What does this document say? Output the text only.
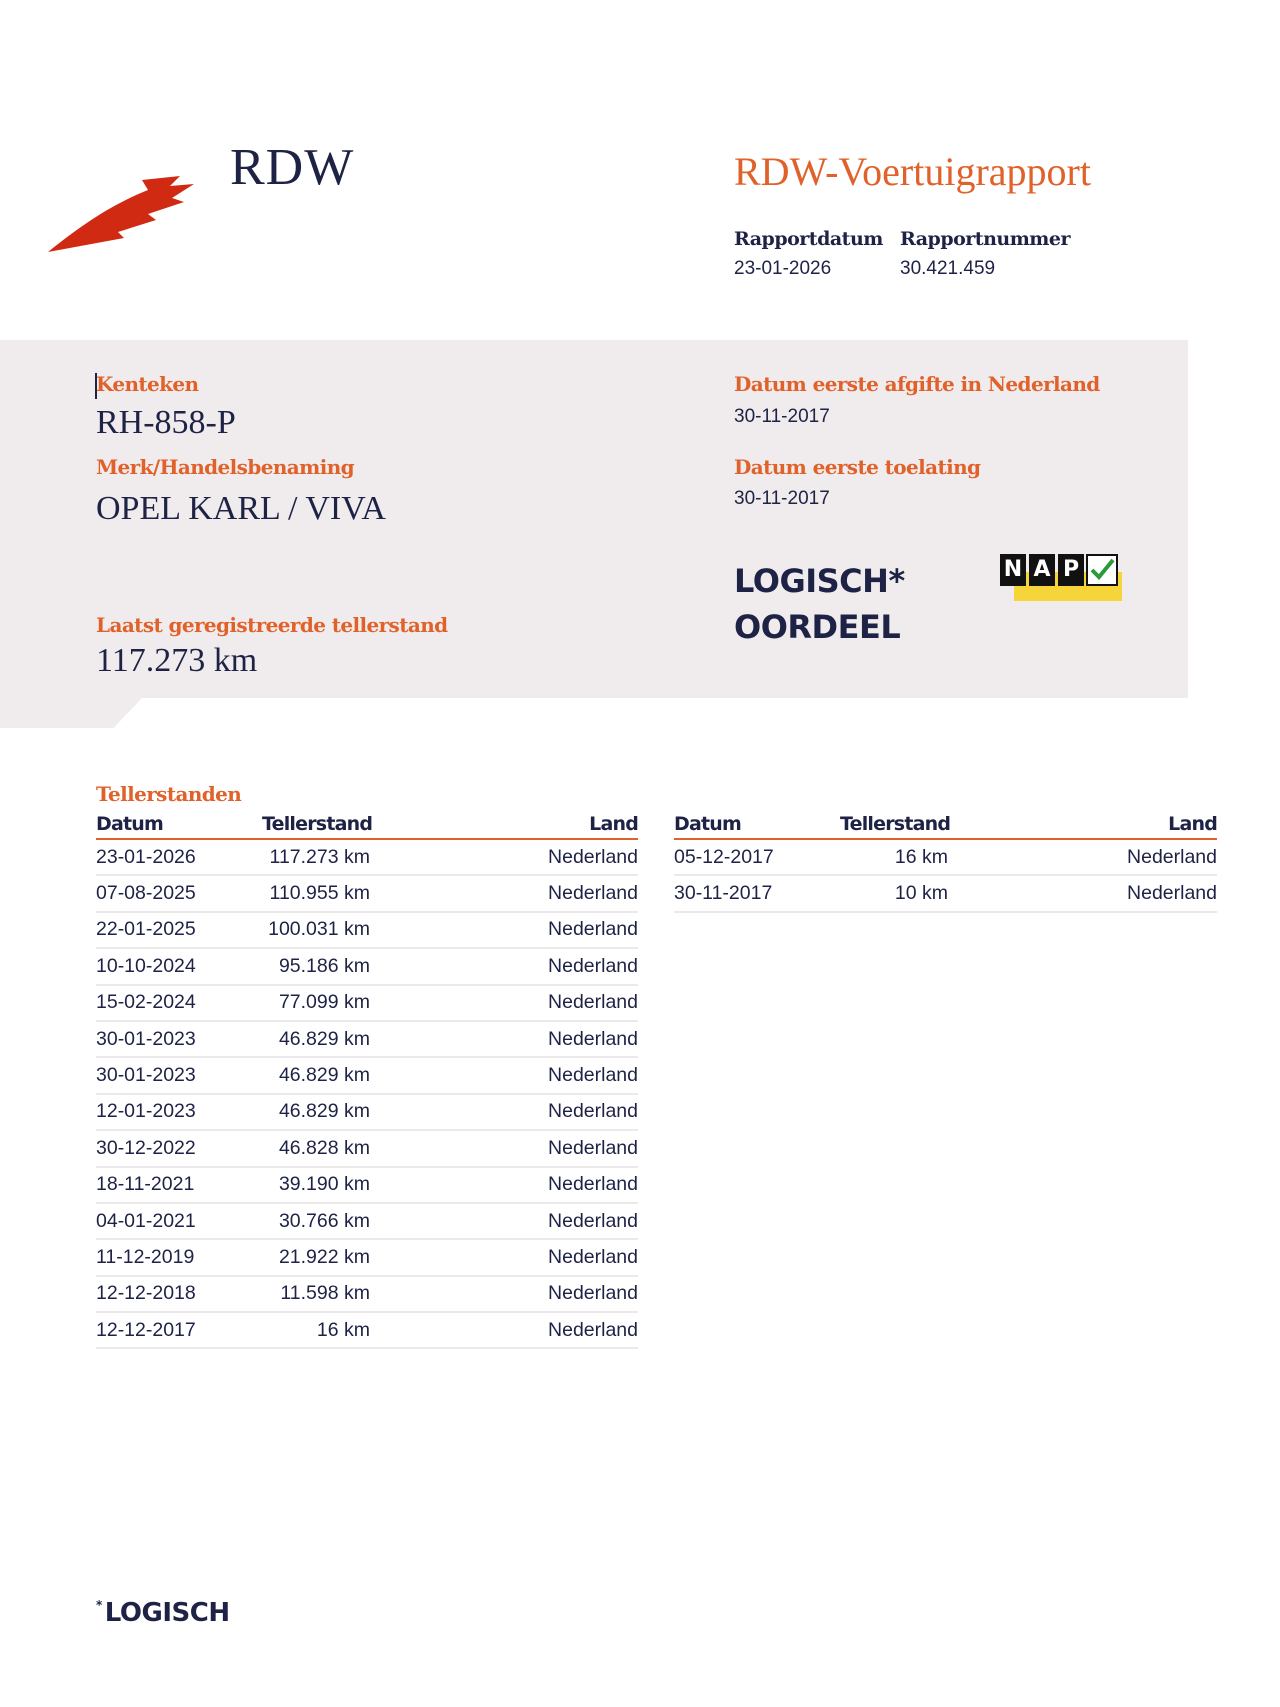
RDW	RDW-Voertuigrapport
Rapportdatum
23-01-2026
Rapportnummer
30.421.459
Kenteken
RH-858-P
Merk/Handelsbenaming
OPEL KARL / VIVA
Laatst geregistreerde tellerstand
117.273 km
Datum eerste afgifte in Nederland
30-11-2017
Datum eerste toelating
30-11-2017
LOGISCH*
OORDEEL
N A P
Tellerstanden
Datum	Tellerstand	Land
23-01-2026	117.273 km	Nederland
07-08-2025	110.955 km	Nederland
22-01-2025	100.031 km	Nederland
10-10-2024	95.186 km	Nederland
15-02-2024	77.099 km	Nederland
30-01-2023	46.829 km	Nederland
30-01-2023	46.829 km	Nederland
12-01-2023	46.829 km	Nederland
30-12-2022	46.828 km	Nederland
18-11-2021	39.190 km	Nederland
04-01-2021	30.766 km	Nederland
11-12-2019	21.922 km	Nederland
12-12-2018	11.598 km	Nederland
12-12-2017	16 km	Nederland
Datum	Tellerstand	Land
05-12-2017	16 km	Nederland
30-11-2017	10 km	Nederland
* LOGISCH
